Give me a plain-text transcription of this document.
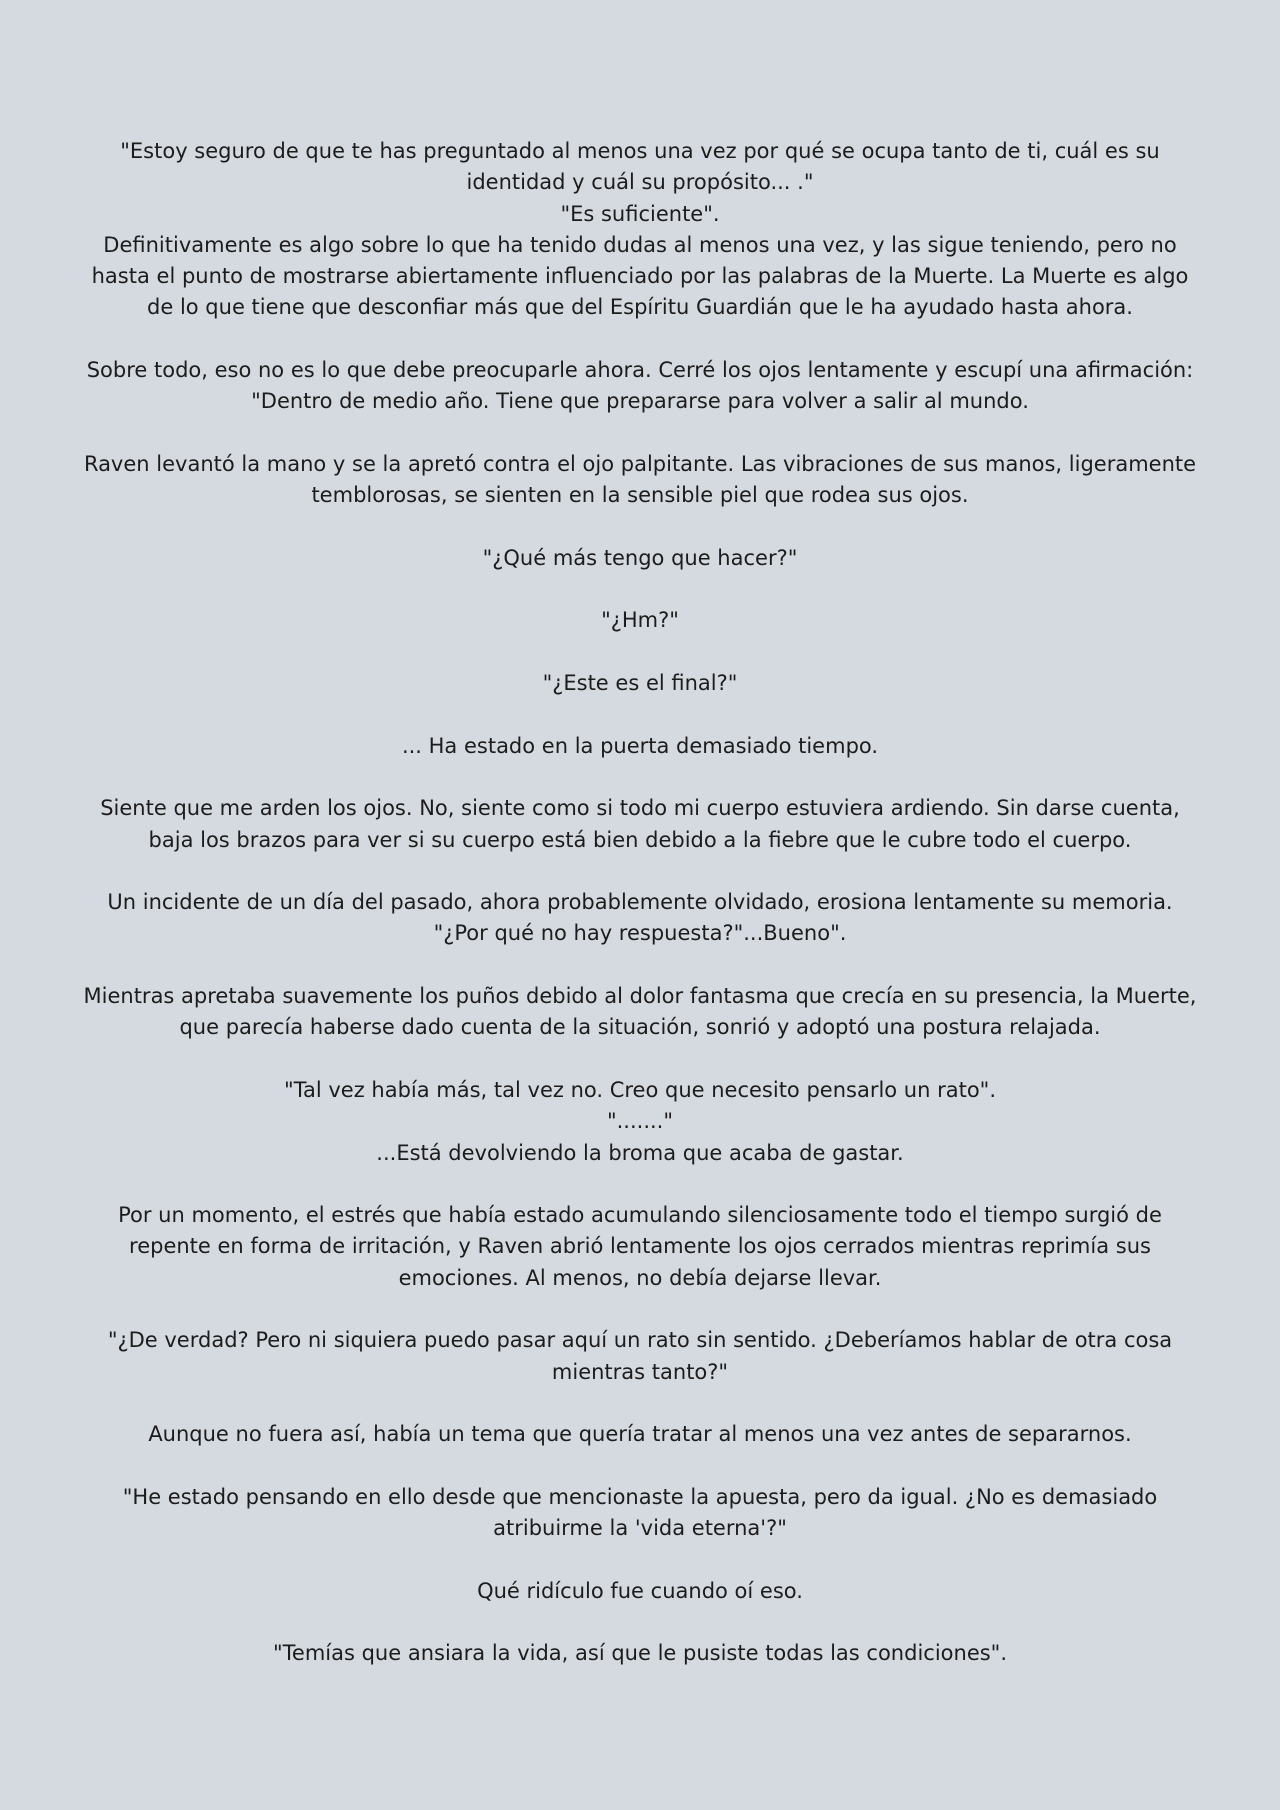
"Estoy seguro de que te has preguntado al menos una vez por qué se ocupa tanto de ti, cuál es su
identidad y cuál su propósito... ."
"Es suficiente".
Definitivamente es algo sobre lo que ha tenido dudas al menos una vez, y las sigue teniendo, pero no
hasta el punto de mostrarse abiertamente influenciado por las palabras de la Muerte. La Muerte es algo
de lo que tiene que desconfiar más que del Espíritu Guardián que le ha ayudado hasta ahora.
Sobre todo, eso no es lo que debe preocuparle ahora. Cerré los ojos lentamente y escupí una afirmación:
"Dentro de medio año. Tiene que prepararse para volver a salir al mundo.
Raven levantó la mano y se la apretó contra el ojo palpitante. Las vibraciones de sus manos, ligeramente
temblorosas, se sienten en la sensible piel que rodea sus ojos.
"¿Qué más tengo que hacer?"
"¿Hm?"
"¿Este es el final?"
... Ha estado en la puerta demasiado tiempo.
Siente que me arden los ojos. No, siente como si todo mi cuerpo estuviera ardiendo. Sin darse cuenta,
baja los brazos para ver si su cuerpo está bien debido a la fiebre que le cubre todo el cuerpo.
Un incidente de un día del pasado, ahora probablemente olvidado, erosiona lentamente su memoria.
"¿Por qué no hay respuesta?"...Bueno".
Mientras apretaba suavemente los puños debido al dolor fantasma que crecía en su presencia, la Muerte,
que parecía haberse dado cuenta de la situación, sonrió y adoptó una postura relajada.
"Tal vez había más, tal vez no. Creo que necesito pensarlo un rato".
"......."
...Está devolviendo la broma que acaba de gastar.
Por un momento, el estrés que había estado acumulando silenciosamente todo el tiempo surgió de
repente en forma de irritación, y Raven abrió lentamente los ojos cerrados mientras reprimía sus
emociones. Al menos, no debía dejarse llevar.
"¿De verdad? Pero ni siquiera puedo pasar aquí un rato sin sentido. ¿Deberíamos hablar de otra cosa
mientras tanto?"
Aunque no fuera así, había un tema que quería tratar al menos una vez antes de separarnos.
"He estado pensando en ello desde que mencionaste la apuesta, pero da igual. ¿No es demasiado
atribuirme la 'vida eterna'?"
Qué ridículo fue cuando oí eso.
"Temías que ansiara la vida, así que le pusiste todas las condiciones".
